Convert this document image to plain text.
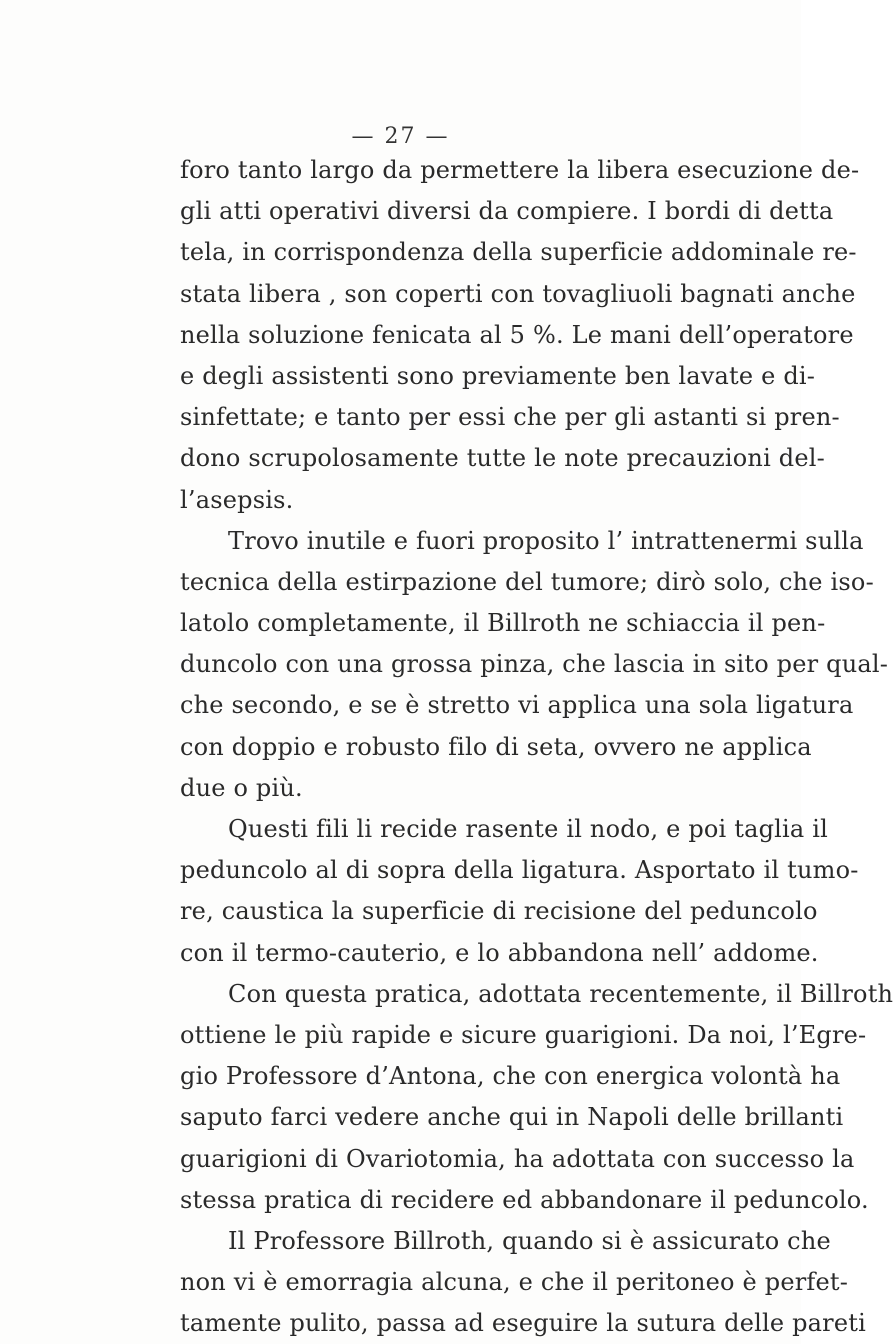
— 27 —
foro tanto largo da permettere la libera esecuzione de-
gli atti operativi diversi da compiere. I bordi di detta
tela, in corrispondenza della superficie addominale re-
stata libera , son coperti con tovagliuoli bagnati anche
nella soluzione fenicata al 5 %. Le mani dell’operatore
e degli assistenti sono previamente ben lavate e di-
sinfettate; e tanto per essi che per gli astanti si pren-
dono scrupolosamente tutte le note precauzioni del-
l’asepsis.
Trovo inutile e fuori proposito l’ intrattenermi sulla
tecnica della estirpazione del tumore; dirò solo, che iso-
latolo completamente, il Billroth ne schiaccia il pen-
duncolo con una grossa pinza, che lascia in sito per qual-
che secondo, e se è stretto vi applica una sola ligatura
con doppio e robusto filo di seta, ovvero ne applica
due o più.
Questi fili li recide rasente il nodo, e poi taglia il
peduncolo al di sopra della ligatura. Asportato il tumo-
re, caustica la superficie di recisione del peduncolo
con il termo-cauterio, e lo abbandona nell’ addome.
Con questa pratica, adottata recentemente, il Billroth
ottiene le più rapide e sicure guarigioni. Da noi, l’Egre-
gio Professore d’Antona, che con energica volontà ha
saputo farci vedere anche qui in Napoli delle brillanti
guarigioni di Ovariotomia, ha adottata con successo la
stessa pratica di recidere ed abbandonare il peduncolo.
Il Professore Billroth, quando si è assicurato che
non vi è emorragia alcuna, e che il peritoneo è perfet-
tamente pulito, passa ad eseguire la sutura delle pareti
